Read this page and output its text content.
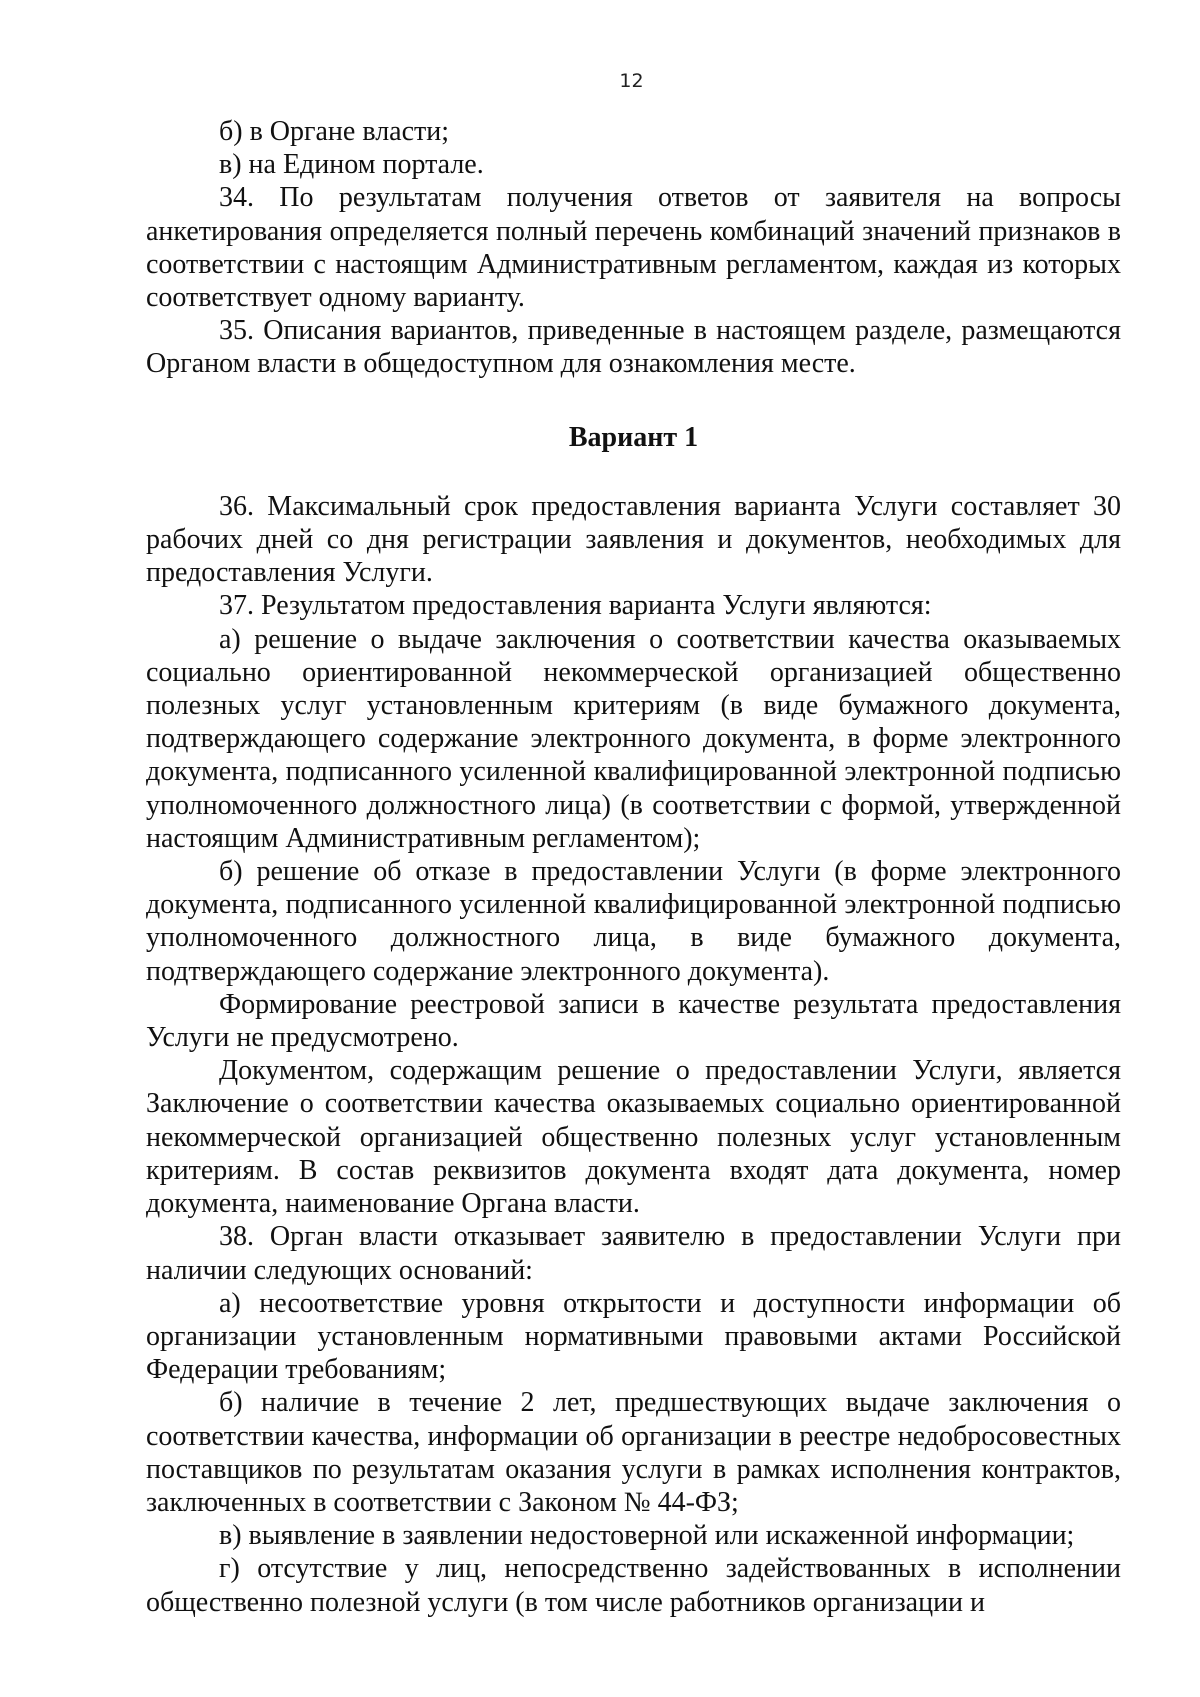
12

б) в Органе власти;

в) на Едином портале.

34. По результатам получения ответов от заявителя на вопросы анкетирования определяется полный перечень комбинаций значений признаков в соответствии с настоящим Административным регламентом, каждая из которых соответствует одному варианту.

35. Описания вариантов, приведенные в настоящем разделе, размещаются Органом власти в общедоступном для ознакомления месте.

Вариант 1

36. Максимальный срок предоставления варианта Услуги составляет 30 рабочих дней со дня регистрации заявления и документов, необходимых для предоставления Услуги.

37. Результатом предоставления варианта Услуги являются:

а) решение о выдаче заключения о соответствии качества оказываемых социально ориентированной некоммерческой организацией общественно полезных услуг установленным критериям (в виде бумажного документа, подтверждающего содержание электронного документа, в форме электронного документа, подписанного усиленной квалифицированной электронной подписью уполномоченного должностного лица) (в соответствии с формой, утвержденной настоящим Административным регламентом);

б) решение об отказе в предоставлении Услуги (в форме электронного документа, подписанного усиленной квалифицированной электронной подписью уполномоченного должностного лица, в виде бумажного документа, подтверждающего содержание электронного документа).

Формирование реестровой записи в качестве результата предоставления Услуги не предусмотрено.

Документом, содержащим решение о предоставлении Услуги, является Заключение о соответствии качества оказываемых социально ориентированной некоммерческой организацией общественно полезных услуг установленным критериям. В состав реквизитов документа входят дата документа, номер документа, наименование Органа власти.

38. Орган власти отказывает заявителю в предоставлении Услуги при наличии следующих оснований:

а) несоответствие уровня открытости и доступности информации об организации установленным нормативными правовыми актами Российской Федерации требованиям;

б) наличие в течение 2 лет, предшествующих выдаче заключения о соответствии качества, информации об организации в реестре недобросовестных поставщиков по результатам оказания услуги в рамках исполнения контрактов, заключенных в соответствии с Законом № 44-ФЗ;

в) выявление в заявлении недостоверной или искаженной информации;

г) отсутствие у лиц, непосредственно задействованных в исполнении общественно полезной услуги (в том числе работников организации и
